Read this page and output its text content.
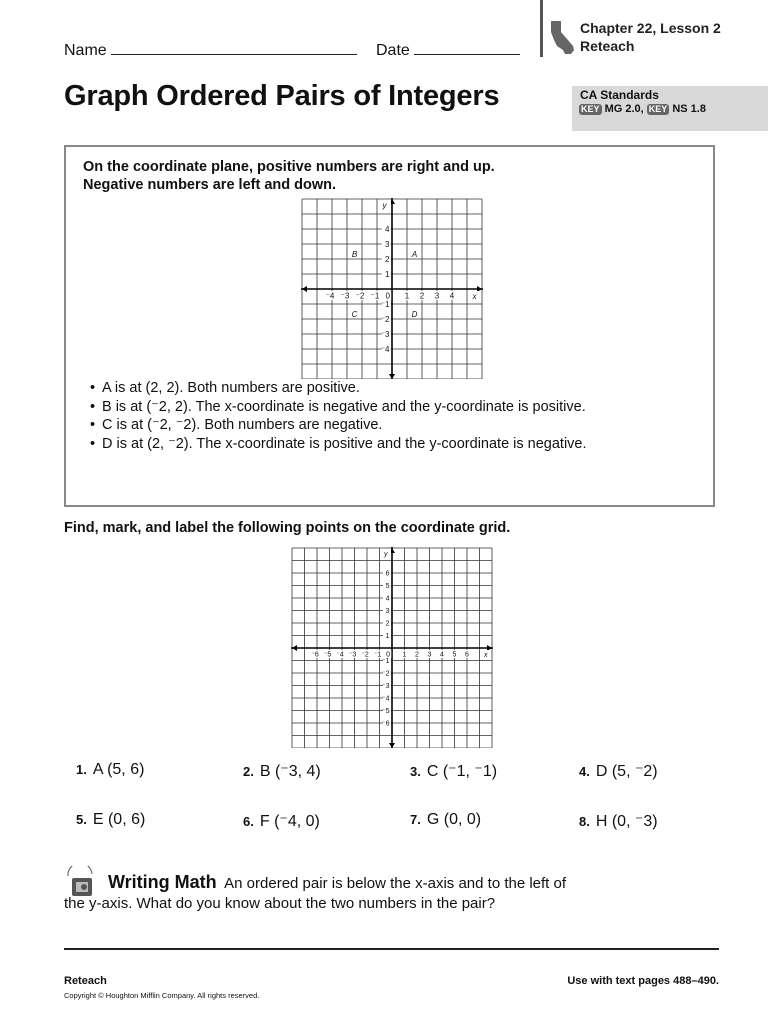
Name	Date
Chapter 22, Lesson 2
Reteach
Graph Ordered Pairs of Integers	CA Standards
KEY MG 2.0, KEY NS 1.8
On the coordinate plane, positive numbers are right and up.
Negative numbers are left and down.
⁻4 ⁻3 ⁻2 ⁻1	1 2 3 4
4
3
2
1
⁻1
⁻2
⁻3
⁻4
0	x
y
A
B
C	D
• A is at (2, 2). Both numbers are positive.
• B is at (⁻2, 2). The x-coordinate is negative and the y-coordinate is positive.
• C is at (⁻2, ⁻2). Both numbers are negative.
• D is at (2, ⁻2). The x-coordinate is positive and the y-coordinate is negative.
Find, mark, and label the following points on the coordinate grid.
⁻6 ⁻5 ⁻4 ⁻3 ⁻2 ⁻1	1 2 3 4 5 6
6
5
4
3
2
1
⁻1
⁻2
⁻3
⁻4
⁻5
⁻6
0	x
y
1. A (5, 6)	2. B (⁻3, 4)	3. C (⁻1, ⁻1)	4. D (5, ⁻2)
5. E (0, 6)	6. F (⁻4, 0)	7. G (0, 0)	8. H (0, ⁻3)
Writing Math An ordered pair is below the x-axis and to the left of the y-axis. What do you know about the two numbers in the pair?
Reteach
Copyright © Houghton Mifflin Company. All rights reserved.
Use with text pages 488–490.
